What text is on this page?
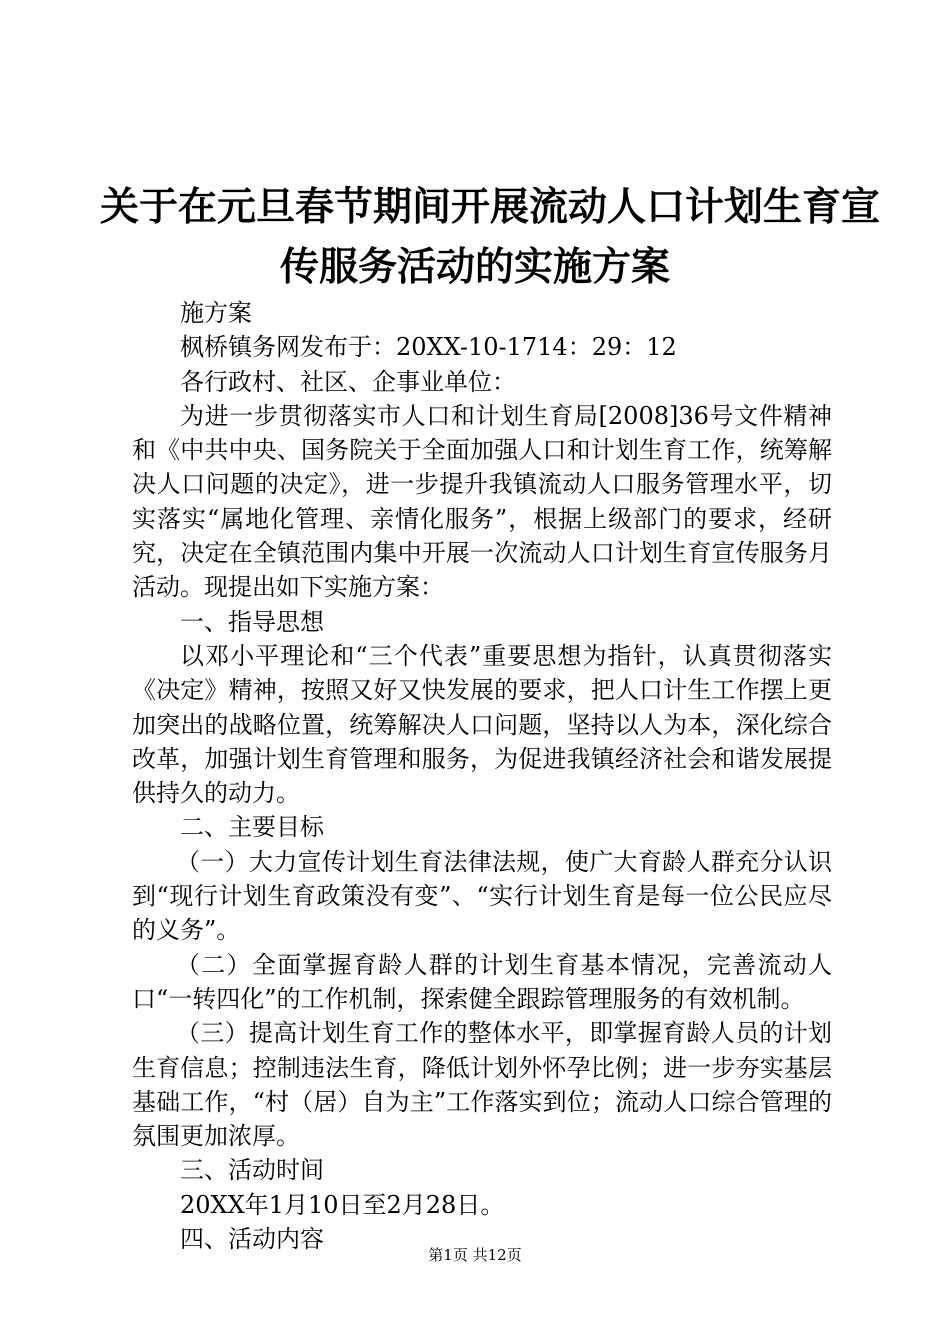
关于在元旦春节期间开展流动人口计划生育宣
传服务活动的实施方案

施方案

枫桥镇务网发布于：20XX-10-1714：29：12

各行政村、社区、企事业单位：

为进一步贯彻落实市人口和计划生育局[2008]36号文件精神和《中共中央、国务院关于全面加强人口和计划生育工作，统筹解决人口问题的决定》，进一步提升我镇流动人口服务管理水平，切实落实“属地化管理、亲情化服务”，根据上级部门的要求，经研究，决定在全镇范围内集中开展一次流动人口计划生育宣传服务月活动。现提出如下实施方案：

一、指导思想

以邓小平理论和“三个代表”重要思想为指针，认真贯彻落实《决定》精神，按照又好又快发展的要求，把人口计生工作摆上更加突出的战略位置，统筹解决人口问题，坚持以人为本，深化综合改革，加强计划生育管理和服务，为促进我镇经济社会和谐发展提供持久的动力。

二、主要目标

（一）大力宣传计划生育法律法规，使广大育龄人群充分认识到“现行计划生育政策没有变”、“实行计划生育是每一位公民应尽的义务”。

（二）全面掌握育龄人群的计划生育基本情况，完善流动人口“一转四化”的工作机制，探索健全跟踪管理服务的有效机制。

（三）提高计划生育工作的整体水平，即掌握育龄人员的计划生育信息；控制违法生育，降低计划外怀孕比例；进一步夯实基层基础工作，“村（居）自为主”工作落实到位；流动人口综合管理的氛围更加浓厚。

三、活动时间

20XX年1月10日至2月28日。

四、活动内容

第1页 共12页
